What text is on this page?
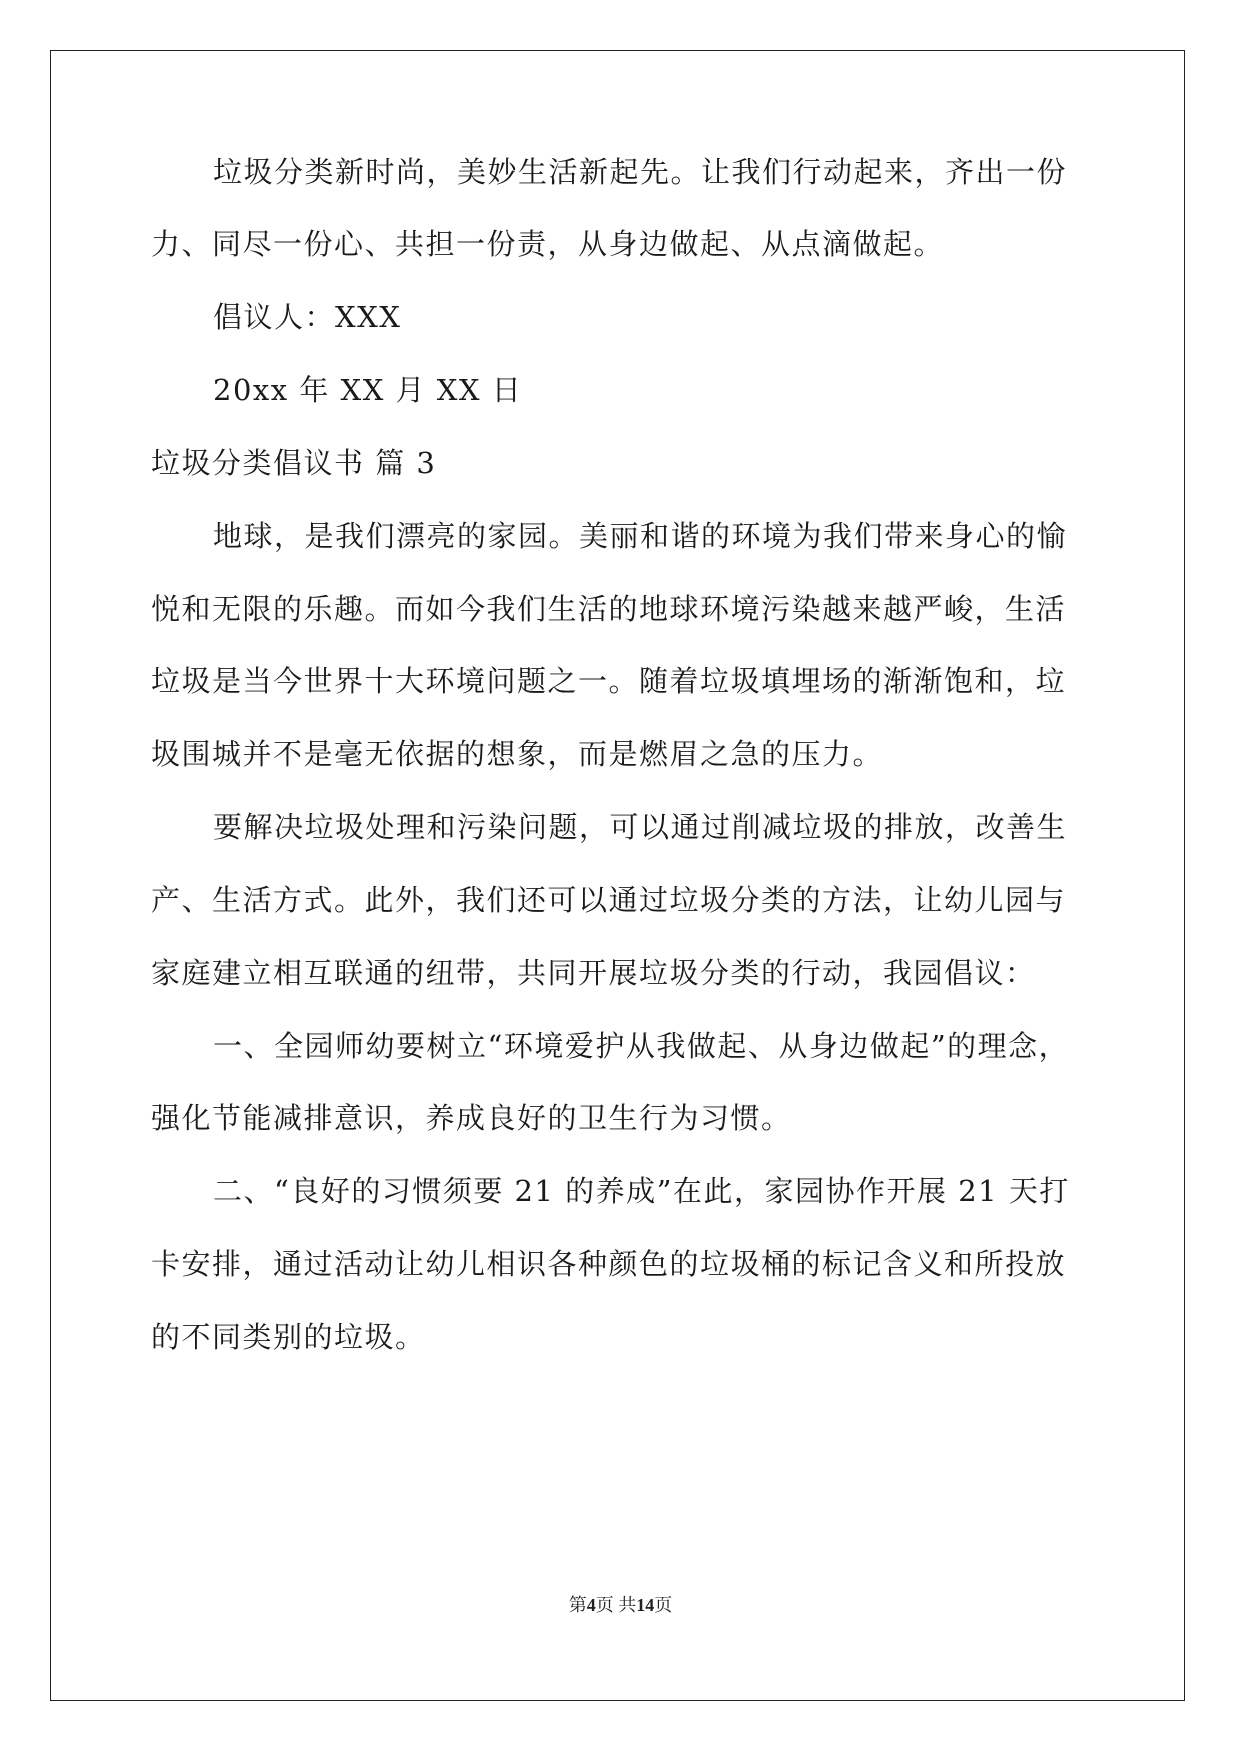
垃圾分类新时尚，美妙生活新起先。让我们行动起来，齐出一份
力、同尽一份心、共担一份责，从身边做起、从点滴做起。
倡议人：XXX
20xx 年 XX 月 XX 日
垃圾分类倡议书 篇 3
地球，是我们漂亮的家园。美丽和谐的环境为我们带来身心的愉
悦和无限的乐趣。而如今我们生活的地球环境污染越来越严峻，生活
垃圾是当今世界十大环境问题之一。随着垃圾填埋场的渐渐饱和，垃
圾围城并不是毫无依据的想象，而是燃眉之急的压力。
要解决垃圾处理和污染问题，可以通过削减垃圾的排放，改善生
产、生活方式。此外，我们还可以通过垃圾分类的方法，让幼儿园与
家庭建立相互联通的纽带，共同开展垃圾分类的行动，我园倡议：
一、全园师幼要树立“环境爱护从我做起、从身边做起”的理念，
强化节能减排意识，养成良好的卫生行为习惯。
二、“良好的习惯须要 21 的养成”在此，家园协作开展 21 天打
卡安排，通过活动让幼儿相识各种颜色的垃圾桶的标记含义和所投放
的不同类别的垃圾。
第4页 共14页
